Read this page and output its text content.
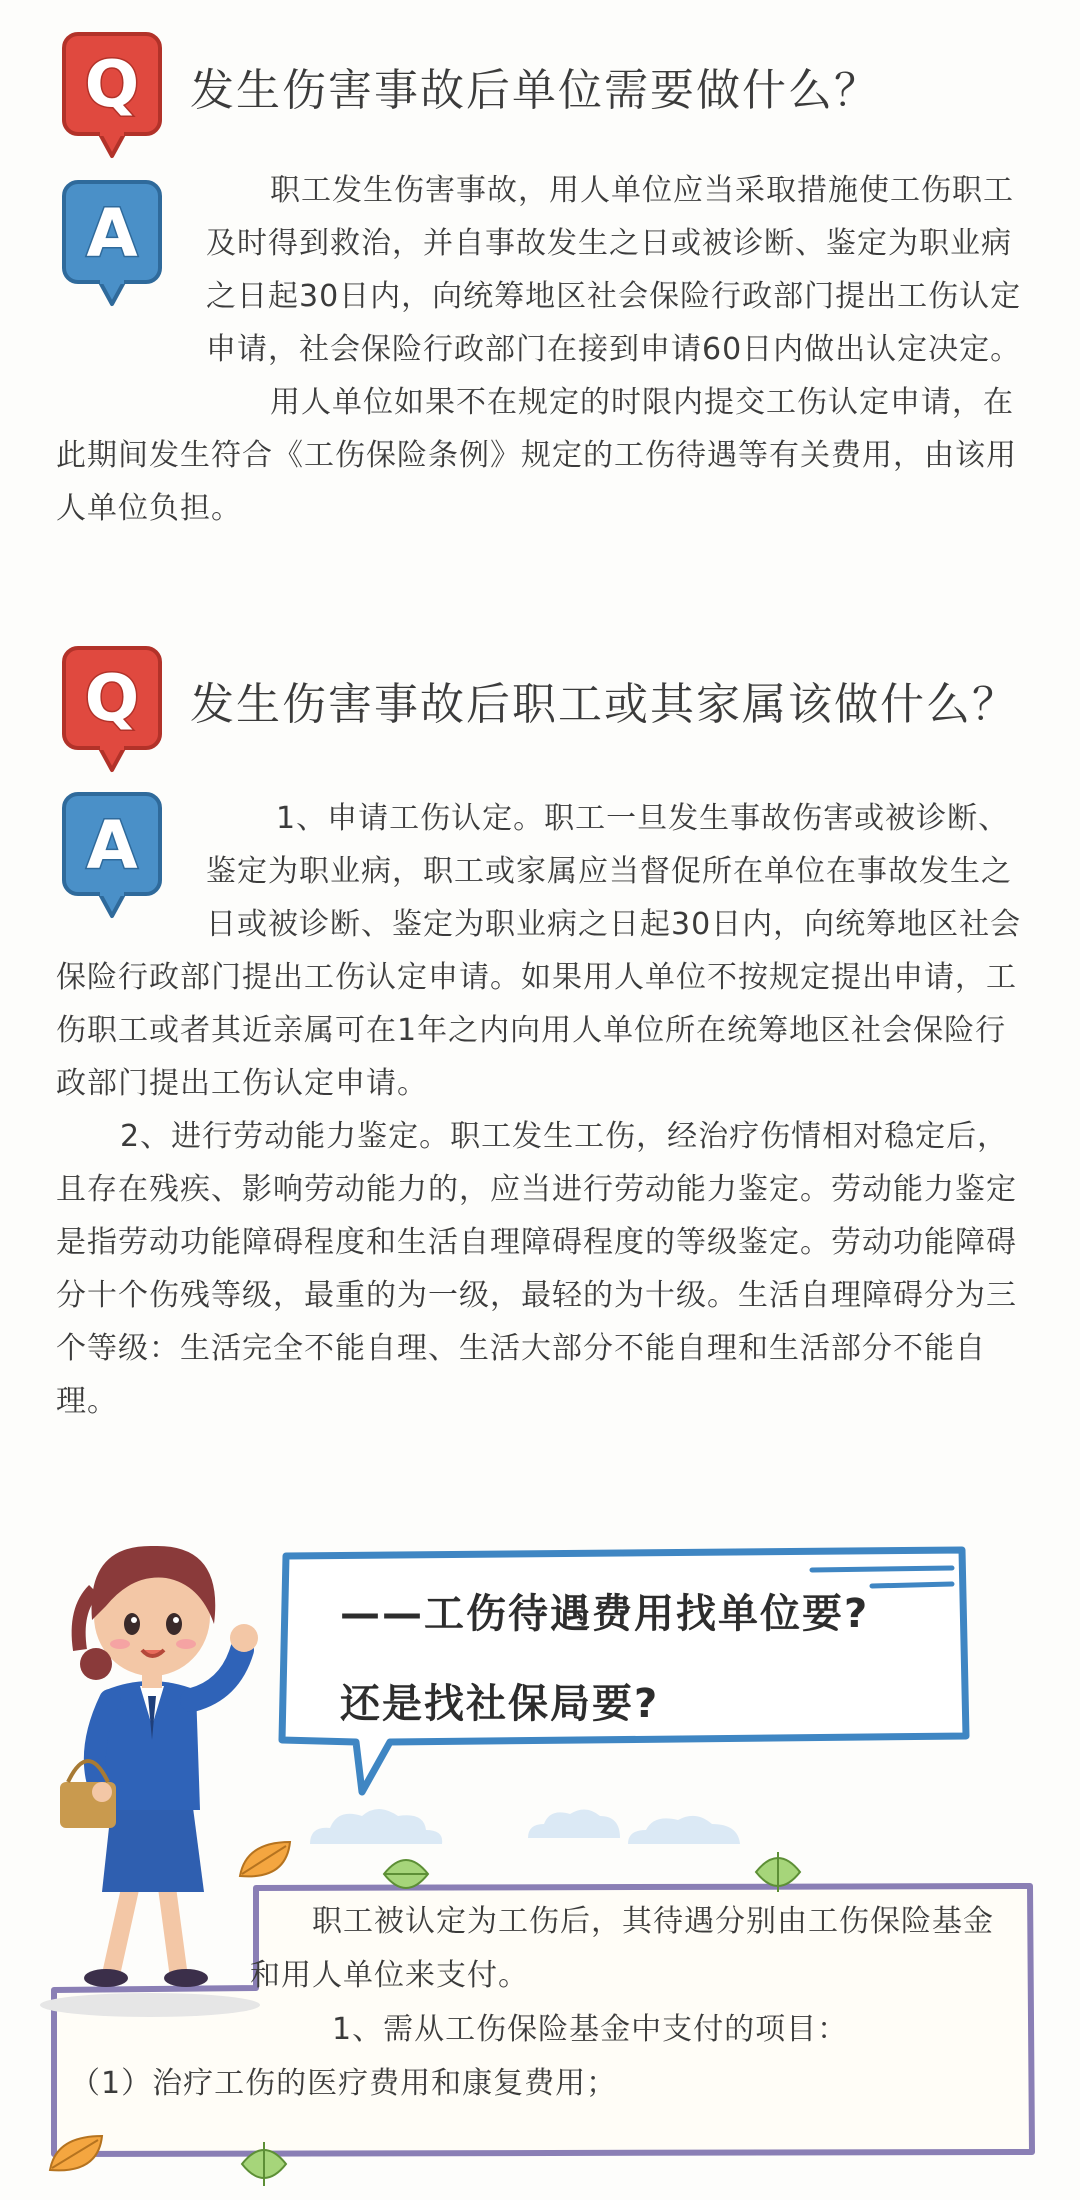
Q 发生伤害事故后单位需要做什么？
A

职工发生伤害事故，用人单位应当采取措施使工伤职工及时得到救治，并自事故发生之日或被诊断、鉴定为职业病之日起30日内，向统筹地区社会保险行政部门提出工伤认定申请，社会保险行政部门在接到申请60日内做出认定决定。

用人单位如果不在规定的时限内提交工伤认定申请，在此期间发生符合《工伤保险条例》规定的工伤待遇等有关费用，由该用人单位负担。

Q 发生伤害事故后职工或其家属该做什么？
A	1、申请工伤认定。职工一旦发生事故伤害或被诊断、鉴定为职业病，职工或家属应当督促所在单位在事故发生之日或被诊断、鉴定为职业病之日起30日内，向统筹地区社会保险行政部门提出工伤认定申请。如果用人单位不按规定提出申请，工伤职工或者其近亲属可在1年之内向用人单位所在统筹地区社会保险行政部门提出工伤认定申请。

2、进行劳动能力鉴定。职工发生工伤，经治疗伤情相对稳定后，且存在残疾、影响劳动能力的，应当进行劳动能力鉴定。劳动能力鉴定是指劳动功能障碍程度和生活自理障碍程度的等级鉴定。劳动功能障碍分十个伤残等级，最重的为一级，最轻的为十级。生活自理障碍分为三个等级：生活完全不能自理、生活大部分不能自理和生活部分不能自理。

——工伤待遇费用找单位要?
还是找社保局要?

职工被认定为工伤后，其待遇分别由工伤保险基金和用人单位来支付。

1、需从工伤保险基金中支付的项目：

（1）治疗工伤的医疗费用和康复费用；
